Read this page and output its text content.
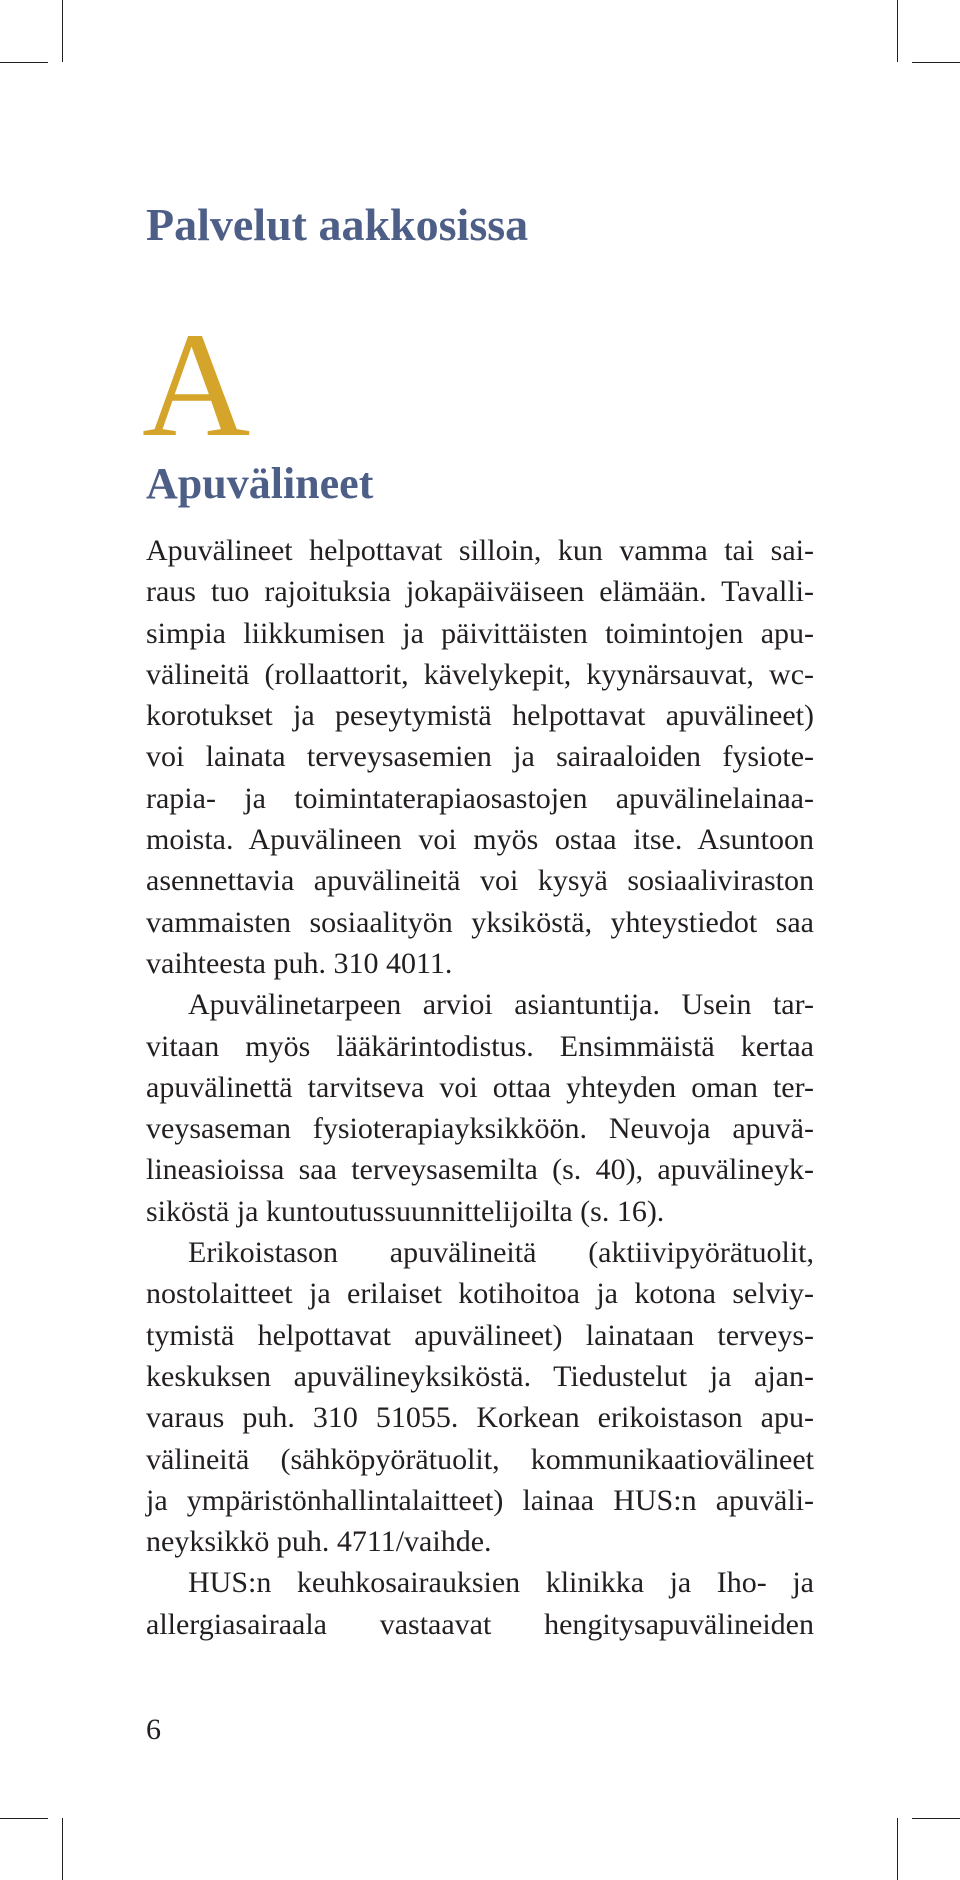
Palvelut aakkosissa
A
Apuvälineet
Apuvälineet helpottavat silloin, kun vamma tai sai-
raus tuo rajoituksia jokapäiväiseen elämään. Tavalli-
simpia liikkumisen ja päivittäisten toimintojen apu-
välineitä (rollaattorit, kävelykepit, kyynärsauvat, wc-
korotukset ja peseytymistä helpottavat apuvälineet)
voi lainata terveysasemien ja sairaaloiden fysiote-
rapia- ja toimintaterapiaosastojen apuvälinelainaa-
moista. Apuvälineen voi myös ostaa itse. Asuntoon
asennettavia apuvälineitä voi kysyä sosiaaliviraston
vammaisten sosiaalityön yksiköstä, yhteystiedot saa
vaihteesta puh. 310 4011.
Apuvälinetarpeen arvioi asiantuntija. Usein tar-
vitaan myös lääkärintodistus. Ensimmäistä kertaa
apuvälinettä tarvitseva voi ottaa yhteyden oman ter-
veysaseman fysioterapiayksikköön. Neuvoja apuvä-
lineasioissa saa terveysasemilta (s. 40), apuvälineyk-
siköstä ja kuntoutussuunnittelijoilta (s. 16).
Erikoistason apuvälineitä (aktiivipyörätuolit,
nostolaitteet ja erilaiset kotihoitoa ja kotona selviy-
tymistä helpottavat apuvälineet) lainataan terveys-
keskuksen apuvälineyksiköstä. Tiedustelut ja ajan-
varaus puh. 310 51055. Korkean erikoistason apu-
välineitä (sähköpyörätuolit, kommunikaatiovälineet
ja ympäristönhallintalaitteet) lainaa HUS:n apuväli-
neyksikkö puh. 4711/vaihde.
HUS:n keuhkosairauksien klinikka ja Iho- ja
allergiasairaala vastaavat hengitysapuvälineiden

6
